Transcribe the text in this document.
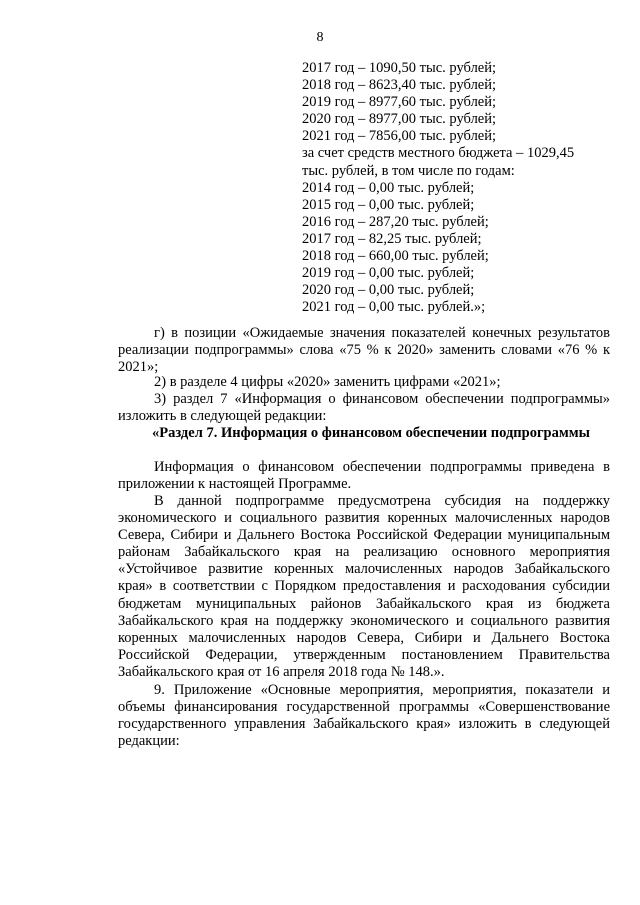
8
2017 год – 1090,50 тыс. рублей;
2018 год – 8623,40 тыс. рублей;
2019 год – 8977,60 тыс. рублей;
2020 год – 8977,00 тыс. рублей;
2021 год – 7856,00 тыс. рублей;
за счет средств местного бюджета – 1029,45
тыс. рублей, в том числе по годам:
2014 год – 0,00 тыс. рублей;
2015 год – 0,00 тыс. рублей;
2016 год – 287,20 тыс. рублей;
2017 год – 82,25 тыс. рублей;
2018 год – 660,00 тыс. рублей;
2019 год – 0,00 тыс. рублей;
2020 год – 0,00 тыс. рублей;
2021 год – 0,00 тыс. рублей.»;
г) в позиции «Ожидаемые значения показателей конечных результатов реализации подпрограммы» слова «75 % к 2020» заменить словами «76 % к 2021»;
2) в разделе 4 цифры «2020» заменить цифрами «2021»;
3) раздел 7 «Информация о финансовом обеспечении подпрограммы» изложить в следующей редакции:
«Раздел 7. Информация о финансовом обеспечении подпрограммы
Информация о финансовом обеспечении подпрограммы приведена в приложении к настоящей Программе.
В данной подпрограмме предусмотрена субсидия на поддержку экономического и социального развития коренных малочисленных народов Севера, Сибири и Дальнего Востока Российской Федерации муниципальным районам Забайкальского края на реализацию основного мероприятия «Устойчивое развитие коренных малочисленных народов Забайкальского края» в соответствии с Порядком предоставления и расходования субсидии бюджетам муниципальных районов Забайкальского края из бюджета Забайкальского края на поддержку экономического и социального развития коренных малочисленных народов Севера, Сибири и Дальнего Востока Российской Федерации, утвержденным постановлением Правительства Забайкальского края от 16 апреля 2018 года № 148.».
9. Приложение «Основные мероприятия, мероприятия, показатели и объемы финансирования государственной программы «Совершенствование государственного управления Забайкальского края» изложить в следующей редакции:
